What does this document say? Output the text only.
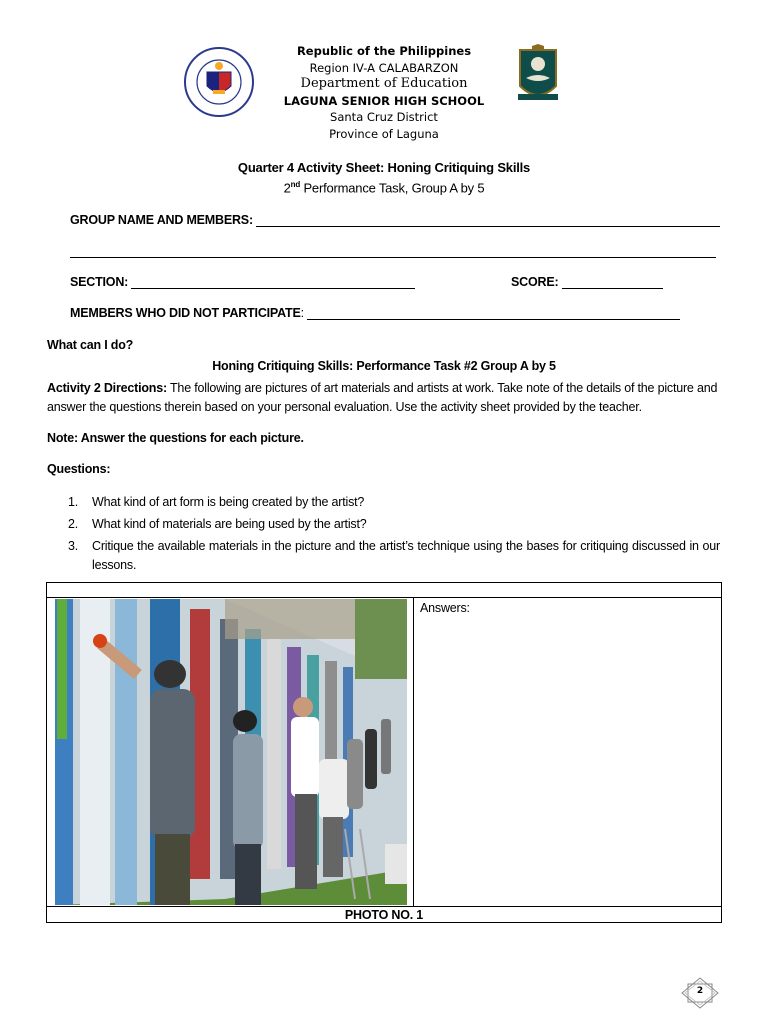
Republic of the Philippines
Region IV-A CALABARZON
Department of Education
LAGUNA SENIOR HIGH SCHOOL
Santa Cruz District
Province of Laguna
Quarter 4 Activity Sheet: Honing Critiquing Skills
2nd Performance Task, Group A by 5
GROUP NAME AND MEMBERS:
SECTION:	SCORE:
MEMBERS WHO DID NOT PARTICIPATE :
What can I do?
Honing Critiquing Skills: Performance Task #2 Group A by 5
Activity 2 Directions: The following are pictures of art materials and artists at work. Take note of the details of the picture and answer the questions therein based on your personal evaluation. Use the activity sheet provided by the teacher.
Note: Answer the questions for each picture.
Questions:
1.	What kind of art form is being created by the artist?
2.	What kind of materials are being used by the artist?
3.	Critique the available materials in the picture and the artist’s technique using the bases for critiquing discussed in our lessons.
Answers:
PHOTO NO. 1
2
